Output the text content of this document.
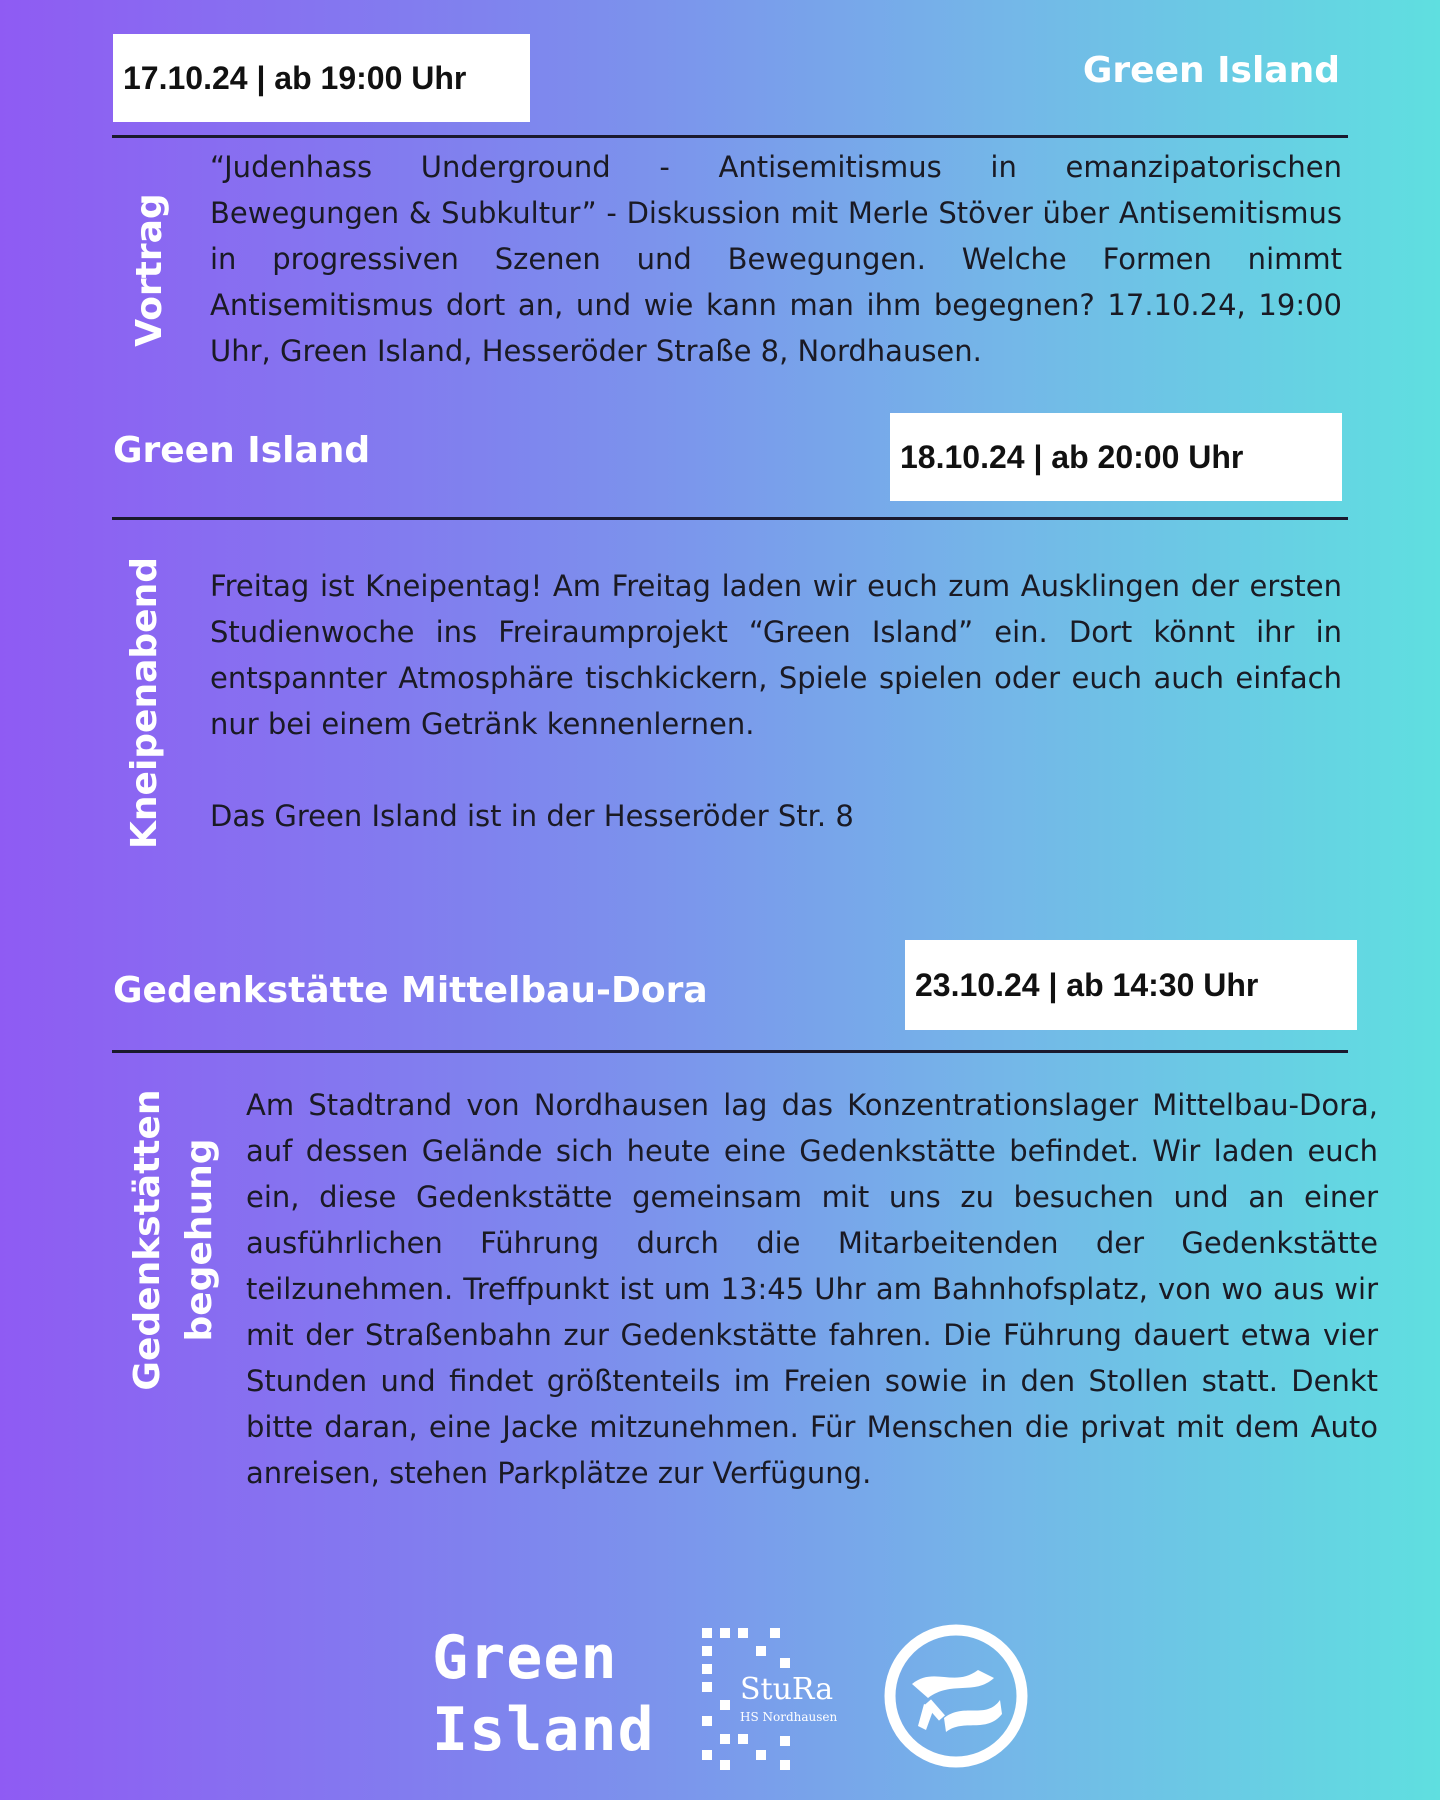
17.10.24 | ab 19:00 Uhr	Green Island
Vortrag

“Judenhass Underground - Antisemitismus in emanzipatorischen Bewegungen & Subkultur” - Diskussion mit Merle Stöver über Antisemitismus in progressiven Szenen und Bewegungen. Welche Formen nimmt Antisemitismus dort an, und wie kann man ihm begegnen? 17.10.24, 19:00 Uhr, Green Island, Hesseröder Straße 8, Nordhausen.

Green Island	18.10.24 | ab 20:00 Uhr
Kneipenabend Freitag ist Kneipentag! Am Freitag laden wir euch zum Ausklingen der ersten Studienwoche ins Freiraumprojekt “Green Island” ein. Dort könnt ihr in entspannter Atmosphäre tischkickern, Spiele spielen oder euch auch einfach nur bei einem Getränk kennenlernen.

Das Green Island ist in der Hesseröder Str. 8

Gedenkstätte Mittelbau-Dora	23.10.24 | ab 14:30 Uhr
Gedenkstätten begehung

Am Stadtrand von Nordhausen lag das Konzentrationslager Mittelbau-Dora, auf dessen Gelände sich heute eine Gedenkstätte befindet. Wir laden euch ein, diese Gedenkstätte gemeinsam mit uns zu besuchen und an einer ausführlichen Führung durch die Mitarbeitenden der Gedenkstätte teilzunehmen. Treffpunkt ist um 13:45 Uhr am Bahnhofsplatz, von wo aus wir mit der Straßenbahn zur Gedenkstätte fahren. Die Führung dauert etwa vier Stunden und findet größtenteils im Freien sowie in den Stollen statt. Denkt bitte daran, eine Jacke mitzunehmen. Für Menschen die privat mit dem Auto anreisen, stehen Parkplätze zur Verfügung.

Green
Island
StuRa
HS Nordhausen
